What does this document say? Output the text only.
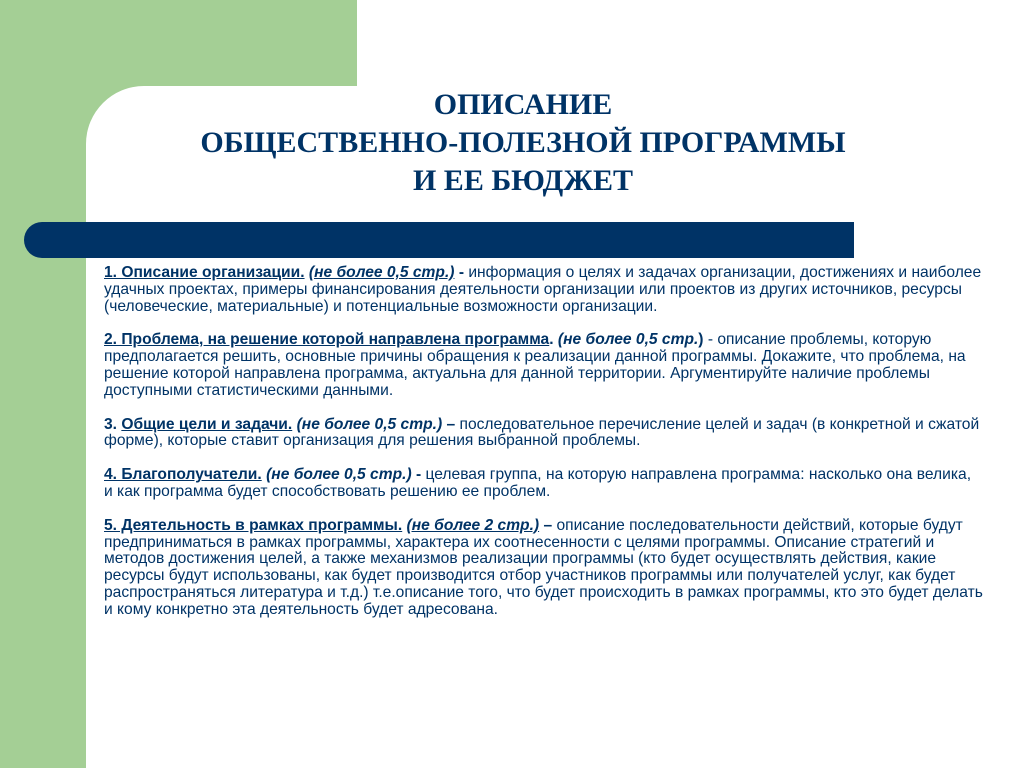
ОПИСАНИЕ
ОБЩЕСТВЕННО-ПОЛЕЗНОЙ ПРОГРАММЫ
И ЕЕ БЮДЖЕТ

1. Описание организации. (не более 0,5 стр.) - информация о целях и задачах организации, достижениях и наиболее удачных проектах, примеры финансирования деятельности организации или проектов из других источников, ресурсы (человеческие, материальные) и потенциальные возможности организации.

2. Проблема, на решение которой направлена программа. (не более 0,5 стр.) - описание проблемы, которую предполагается решить, основные причины обращения к реализации данной программы. Докажите, что проблема, на решение которой направлена программа, актуальна для данной территории. Аргументируйте наличие проблемы доступными статистическими данными.

3. Общие цели и задачи. (не более 0,5 стр.) – последовательное перечисление целей и задач (в конкретной и сжатой форме), которые ставит организация для решения выбранной проблемы.

4. Благополучатели. (не более 0,5 стр.) - целевая группа, на которую направлена программа: насколько она велика, и как программа будет способствовать решению ее проблем.

5. Деятельность в рамках программы. (не более 2 стр.) – описание последовательности действий, которые будут предприниматься в рамках программы, характера их соотнесенности с целями программы. Описание стратегий и методов достижения целей, а также механизмов реализации программы (кто будет осуществлять действия, какие ресурсы будут использованы, как будет производится отбор участников программы или получателей услуг, как будет распространяться литература и т.д.) т.е.описание того, что будет происходить в рамках программы, кто это будет делать и кому конкретно эта деятельность будет адресована.
